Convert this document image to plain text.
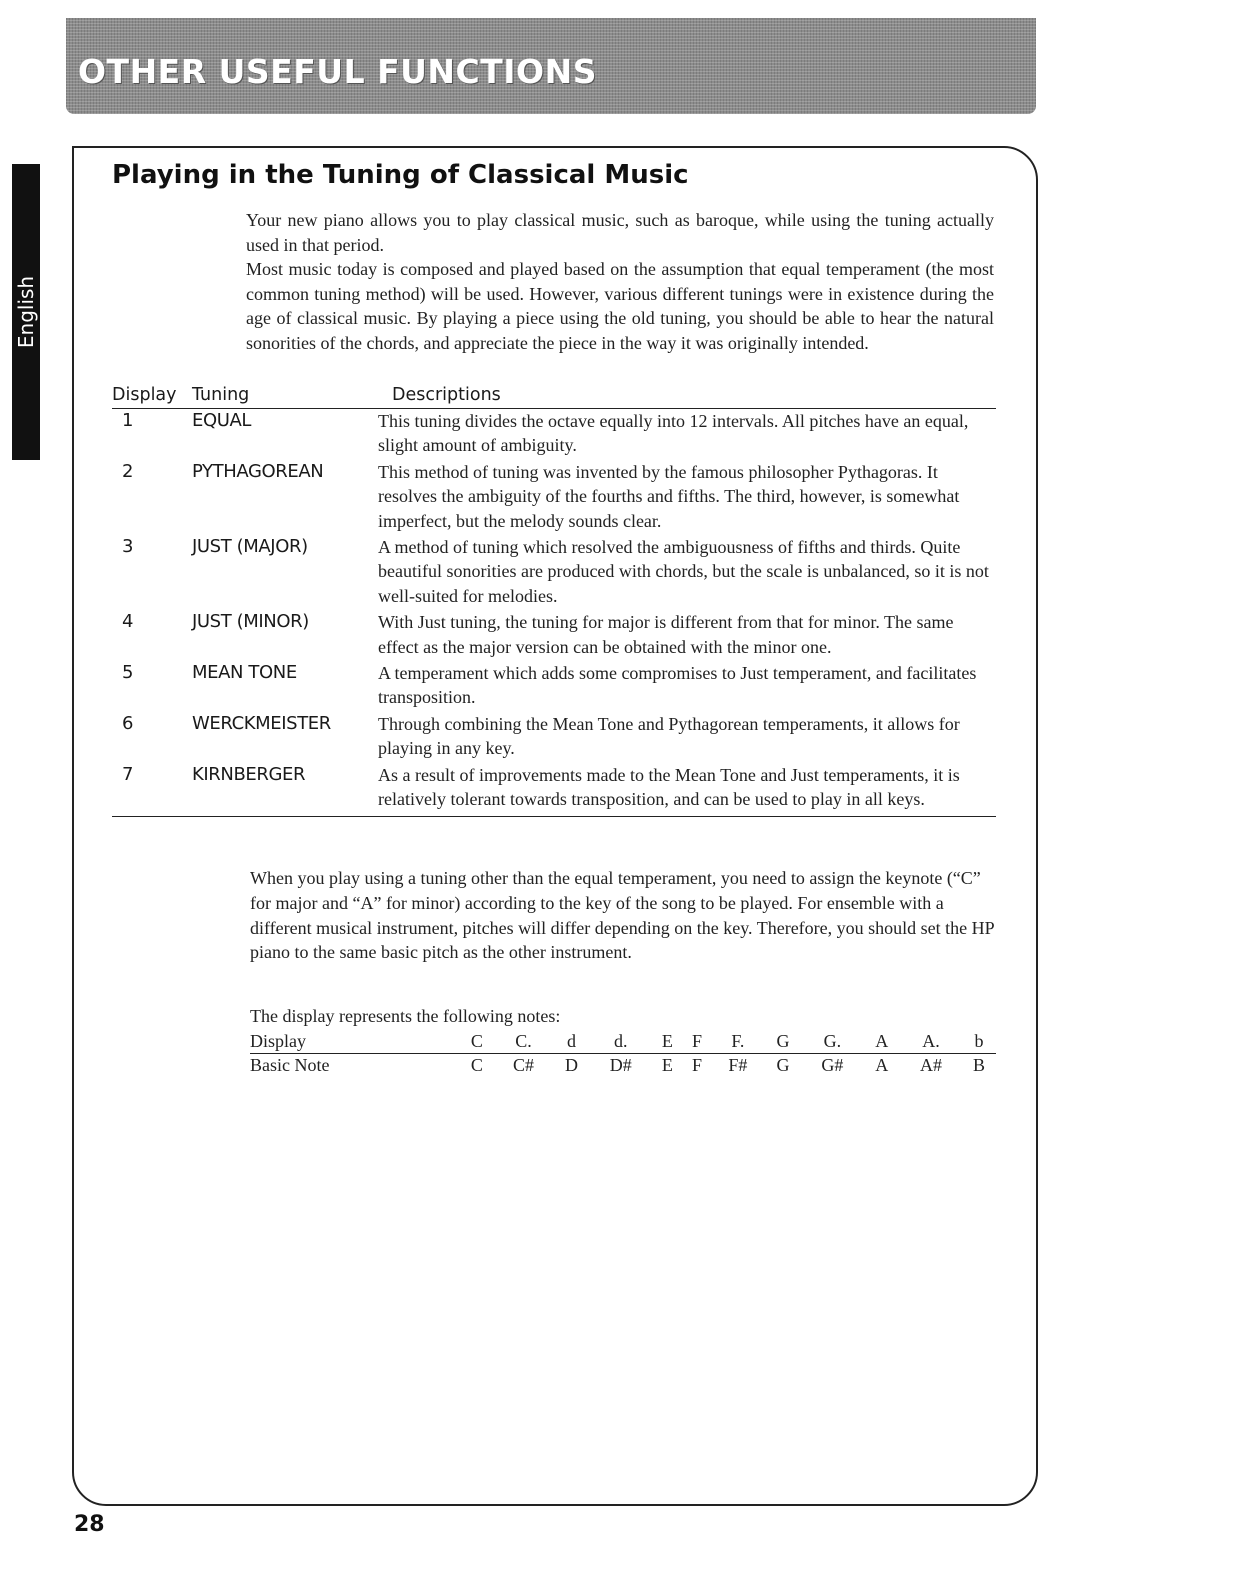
OTHER USEFUL FUNCTIONS
English
Playing in the Tuning of Classical Music

Your new piano allows you to play classical music, such as baroque, while using the tuning actually used in that period.

Most music today is composed and played based on the assumption that equal temperament (the most common tuning method) will be used. However, various different tunings were in existence during the age of classical music. By playing a piece using the old tuning, you should be able to hear the natural sonorities of the chords, and appreciate the piece in the way it was originally intended.

Display	Tuning	Descriptions
1	EQUAL	This tuning divides the octave equally into 12 intervals. All pitches have an equal, slight amount of ambiguity.
2	PYTHAGOREAN	This method of tuning was invented by the famous philosopher Pythagoras. It resolves the ambiguity of the fourths and fifths. The third, however, is somewhat imperfect, but the melody sounds clear.
3	JUST (MAJOR)	A method of tuning which resolved the ambiguousness of fifths and thirds. Quite beautiful sonorities are produced with chords, but the scale is unbalanced, so it is not well-suited for melodies.
4	JUST (MINOR)	With Just tuning, the tuning for major is different from that for minor. The same effect as the major version can be obtained with the minor one.
5	MEAN TONE	A temperament which adds some compromises to Just temperament, and facilitates transposition.
6	WERCKMEISTER	Through combining the Mean Tone and Pythagorean temperaments, it allows for playing in any key.
7	KIRNBERGER	As a result of improvements made to the Mean Tone and Just temperaments, it is relatively tolerant towards transposition, and can be used to play in all keys.

When you play using a tuning other than the equal temperament, you need to assign the keynote (“C” for major and “A” for minor) according to the key of the song to be played. For ensemble with a different musical instrument, pitches will differ depending on the key. Therefore, you should set the HP piano to the same basic pitch as the other instrument.

The display represents the following notes:

Display	C	C.	d	d.	E	F	F.	G	G.	A	A.	b
Basic Note	C	C#	D	D#	E	F	F#	G	G#	A	A#	B

28
